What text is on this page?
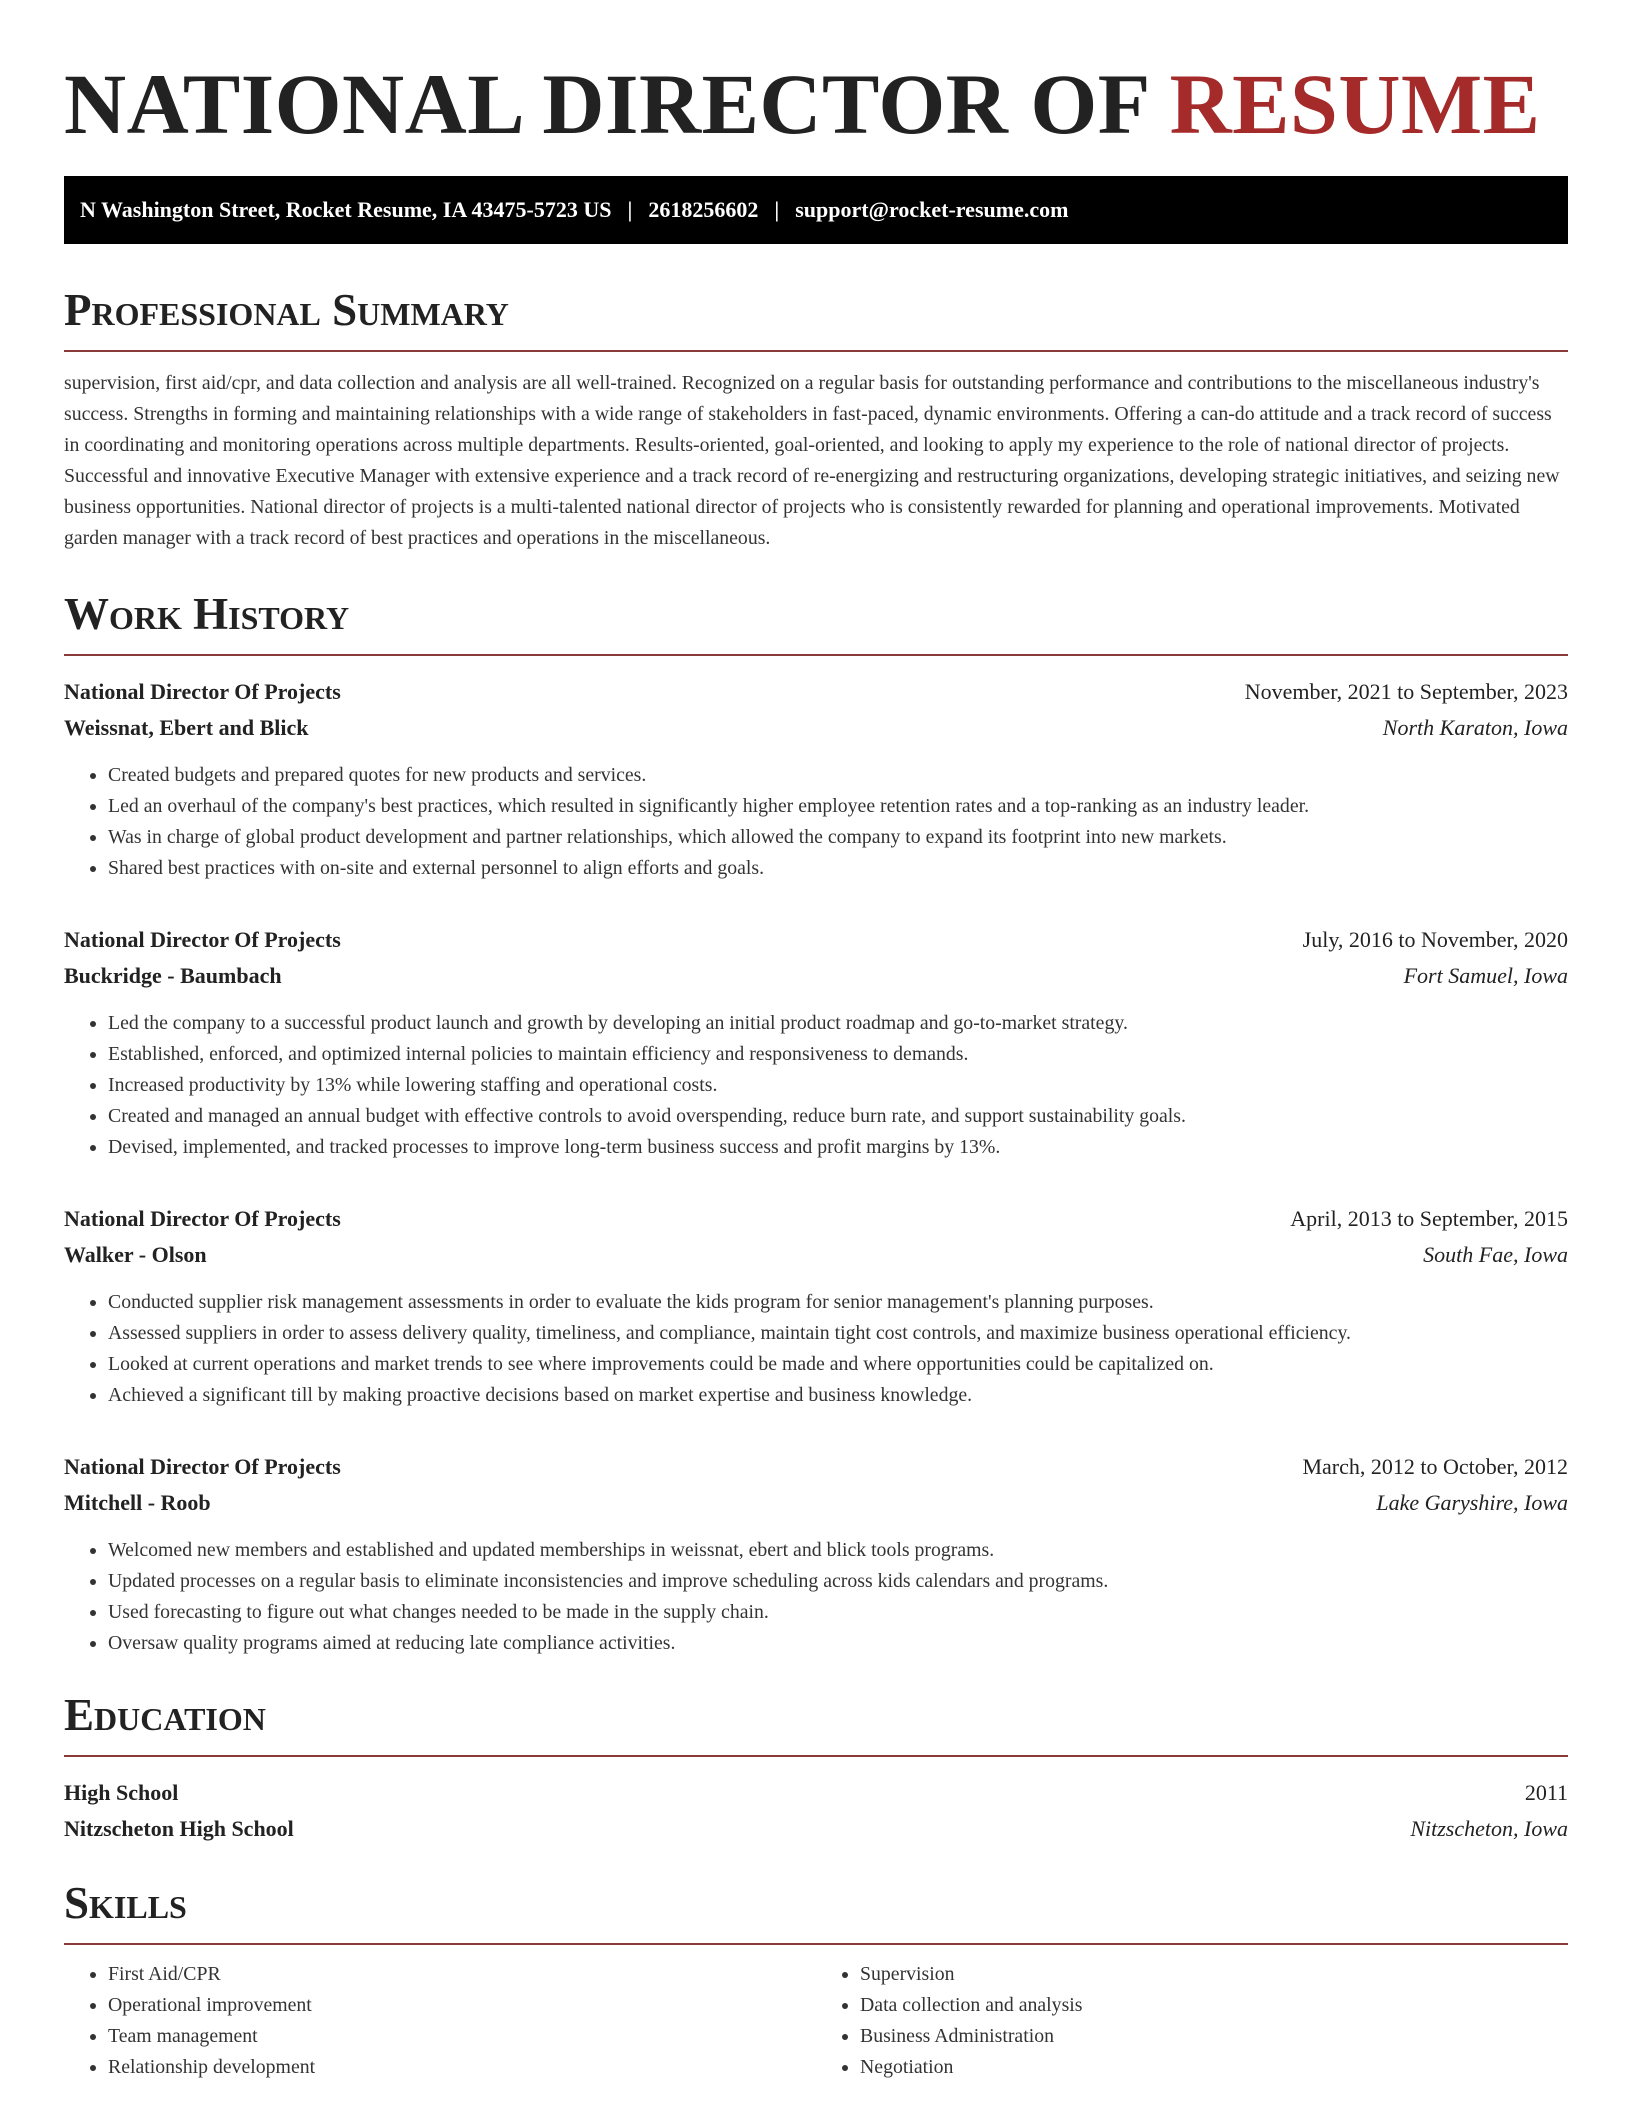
NATIONAL DIRECTOR OF RESUME
N Washington Street, Rocket Resume, IA 43475-5723 US | 2618256602 | support@rocket-resume.com
Professional Summary

supervision, first aid/cpr, and data collection and analysis are all well-trained. Recognized on a regular basis for outstanding performance and contributions to the miscellaneous industry's success. Strengths in forming and maintaining relationships with a wide range of stakeholders in fast-paced, dynamic environments. Offering a can-do attitude and a track record of success in coordinating and monitoring operations across multiple departments. Results-oriented, goal-oriented, and looking to apply my experience to the role of national director of projects. Successful and innovative Executive Manager with extensive experience and a track record of re-energizing and restructuring organizations, developing strategic initiatives, and seizing new business opportunities. National director of projects is a multi-talented national director of projects who is consistently rewarded for planning and operational improvements. Motivated garden manager with a track record of best practices and operations in the miscellaneous.

Work History
National Director Of Projects	November, 2021 to September, 2023
Weissnat, Ebert and Blick	North Karaton, Iowa
• Created budgets and prepared quotes for new products and services.
• Led an overhaul of the company's best practices, which resulted in significantly higher employee retention rates and a top-ranking as an industry leader.
• Was in charge of global product development and partner relationships, which allowed the company to expand its footprint into new markets.
• Shared best practices with on-site and external personnel to align efforts and goals.
National Director Of Projects	July, 2016 to November, 2020
Buckridge - Baumbach	Fort Samuel, Iowa
• Led the company to a successful product launch and growth by developing an initial product roadmap and go-to-market strategy.
• Established, enforced, and optimized internal policies to maintain efficiency and responsiveness to demands.
• Increased productivity by 13% while lowering staffing and operational costs.
• Created and managed an annual budget with effective controls to avoid overspending, reduce burn rate, and support sustainability goals.
• Devised, implemented, and tracked processes to improve long-term business success and profit margins by 13%.
National Director Of Projects	April, 2013 to September, 2015
Walker - Olson	South Fae, Iowa
• Conducted supplier risk management assessments in order to evaluate the kids program for senior management's planning purposes.
• Assessed suppliers in order to assess delivery quality, timeliness, and compliance, maintain tight cost controls, and maximize business operational efficiency.
• Looked at current operations and market trends to see where improvements could be made and where opportunities could be capitalized on.
• Achieved a significant till by making proactive decisions based on market expertise and business knowledge.
National Director Of Projects	March, 2012 to October, 2012
Mitchell - Roob	Lake Garyshire, Iowa
• Welcomed new members and established and updated memberships in weissnat, ebert and blick tools programs.
• Updated processes on a regular basis to eliminate inconsistencies and improve scheduling across kids calendars and programs.
• Used forecasting to figure out what changes needed to be made in the supply chain.
• Oversaw quality programs aimed at reducing late compliance activities.
Education
High School	2011
Nitzscheton High School	Nitzscheton, Iowa
Skills
• First Aid/CPR
• Operational improvement
• Team management
• Relationship development
• Supervision
• Data collection and analysis
• Business Administration
• Negotiation
